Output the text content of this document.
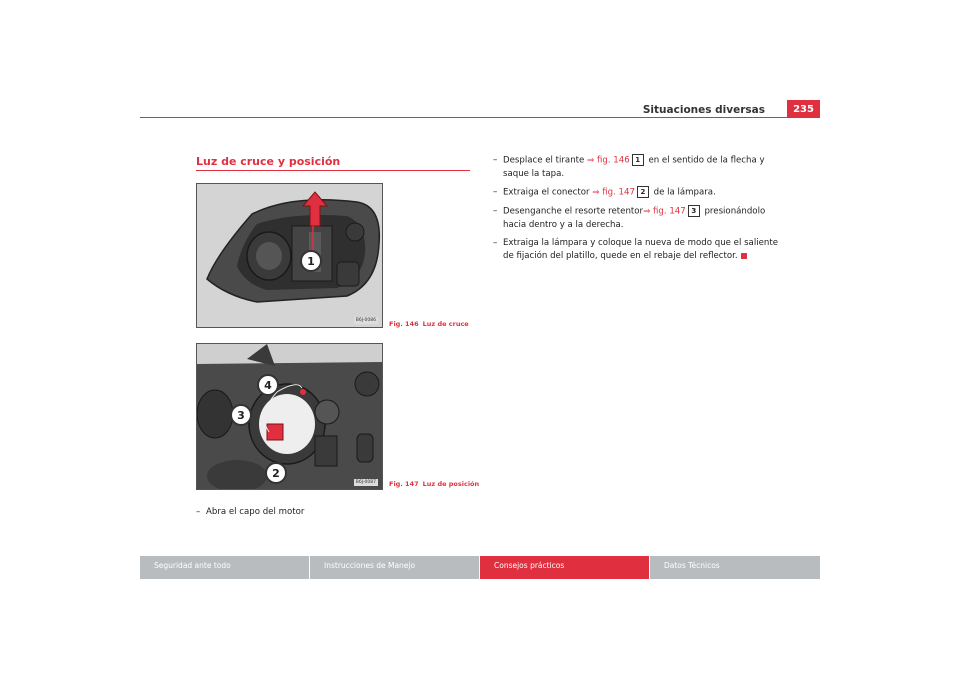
Situaciones diversas	235
Luz de cruce y posición
1
B6J-0086	Fig. 146 Luz de cruce
4
3
2
B6J-0087	Fig. 147 Luz de posición
– Abra el capo del motor
– Desplace el tirante ⇒ fig. 146 1 en el sentido de la flecha y saque la tapa.
– Extraiga el conector ⇒ fig. 147 2 de la lámpara.
– Desenganche el resorte retentor⇒ fig. 147 3 presionándolo hacia dentro y a la derecha.
– Extraiga la lámpara y coloque la nueva de modo que el saliente de fijación del platillo, quede en el rebaje del reflector.
Seguridad ante todo	Instrucciones de Manejo	Consejos prácticos	Datos Técnicos
